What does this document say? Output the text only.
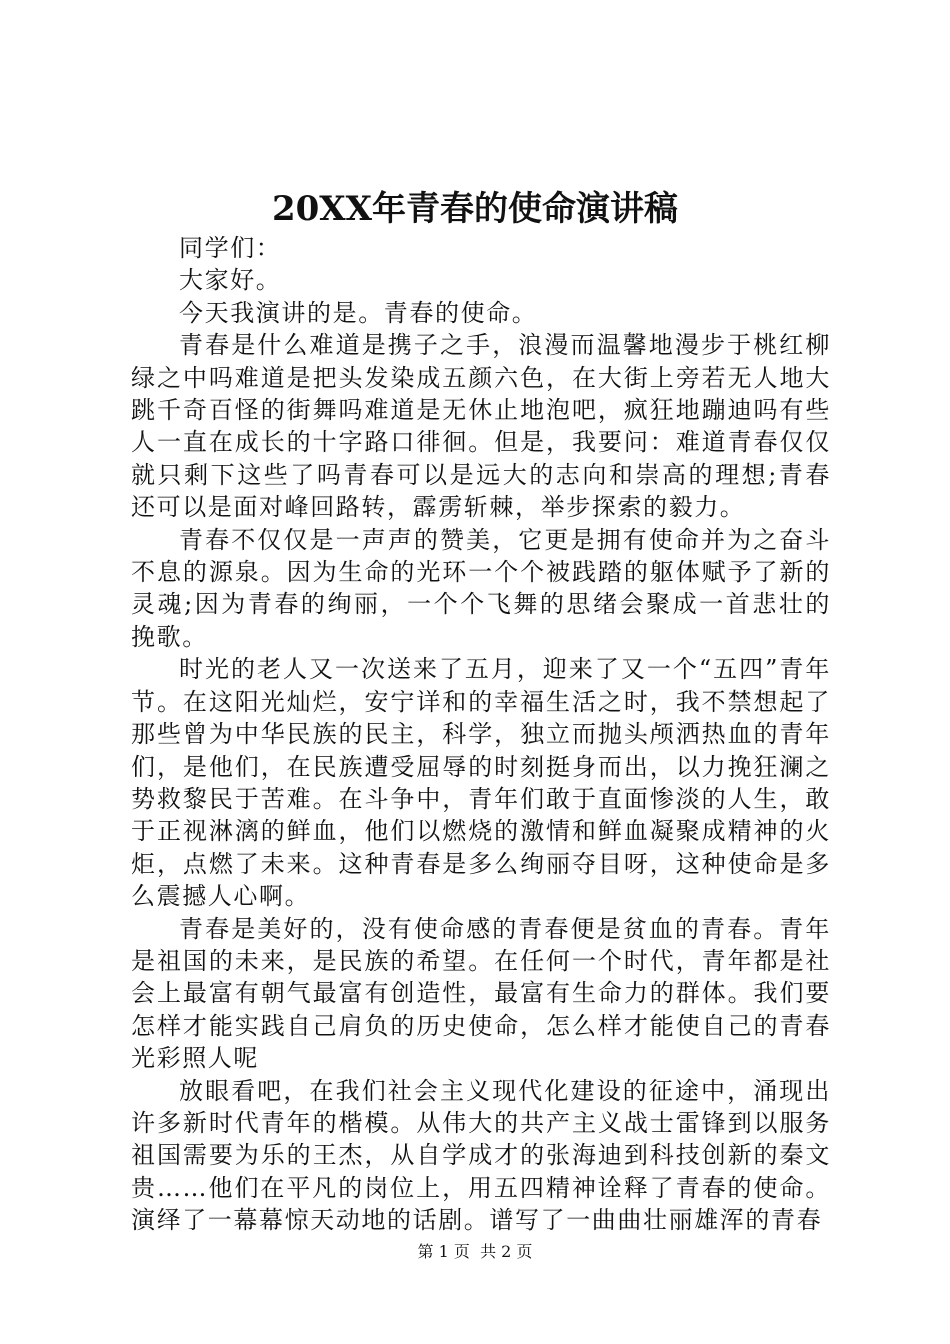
20XX年青春的使命演讲稿

同学们：

大家好。

今天我演讲的是。青春的使命。

青春是什么难道是携子之手，浪漫而温馨地漫步于桃红柳绿之中吗难道是把头发染成五颜六色，在大街上旁若无人地大跳千奇百怪的街舞吗难道是无休止地泡吧，疯狂地蹦迪吗有些人一直在成长的十字路口徘徊。但是，我要问：难道青春仅仅就只剩下这些了吗青春可以是远大的志向和崇高的理想;青春还可以是面对峰回路转，霹雳斩棘，举步探索的毅力。

青春不仅仅是一声声的赞美，它更是拥有使命并为之奋斗不息的源泉。因为生命的光环一个个被践踏的躯体赋予了新的灵魂;因为青春的绚丽，一个个飞舞的思绪会聚成一首悲壮的挽歌。

时光的老人又一次送来了五月，迎来了又一个“五四”青年节。在这阳光灿烂，安宁详和的幸福生活之时，我不禁想起了那些曾为中华民族的民主，科学，独立而抛头颅洒热血的青年们，是他们，在民族遭受屈辱的时刻挺身而出，以力挽狂澜之势救黎民于苦难。在斗争中，青年们敢于直面惨淡的人生，敢于正视淋漓的鲜血，他们以燃烧的激情和鲜血凝聚成精神的火炬，点燃了未来。这种青春是多么绚丽夺目呀，这种使命是多么震撼人心啊。

青春是美好的，没有使命感的青春便是贫血的青春。青年是祖国的未来，是民族的希望。在任何一个时代，青年都是社会上最富有朝气最富有创造性，最富有生命力的群体。我们要怎样才能实践自己肩负的历史使命，怎么样才能使自己的青春光彩照人呢

放眼看吧，在我们社会主义现代化建设的征途中，涌现出许多新时代青年的楷模。从伟大的共产主义战士雷锋到以服务祖国需要为乐的王杰，从自学成才的张海迪到科技创新的秦文贵……他们在平凡的岗位上，用五四精神诠释了青春的使命。演绎了一幕幕惊天动地的话剧。谱写了一曲曲壮丽雄浑的青春

第 1 页  共 2 页
